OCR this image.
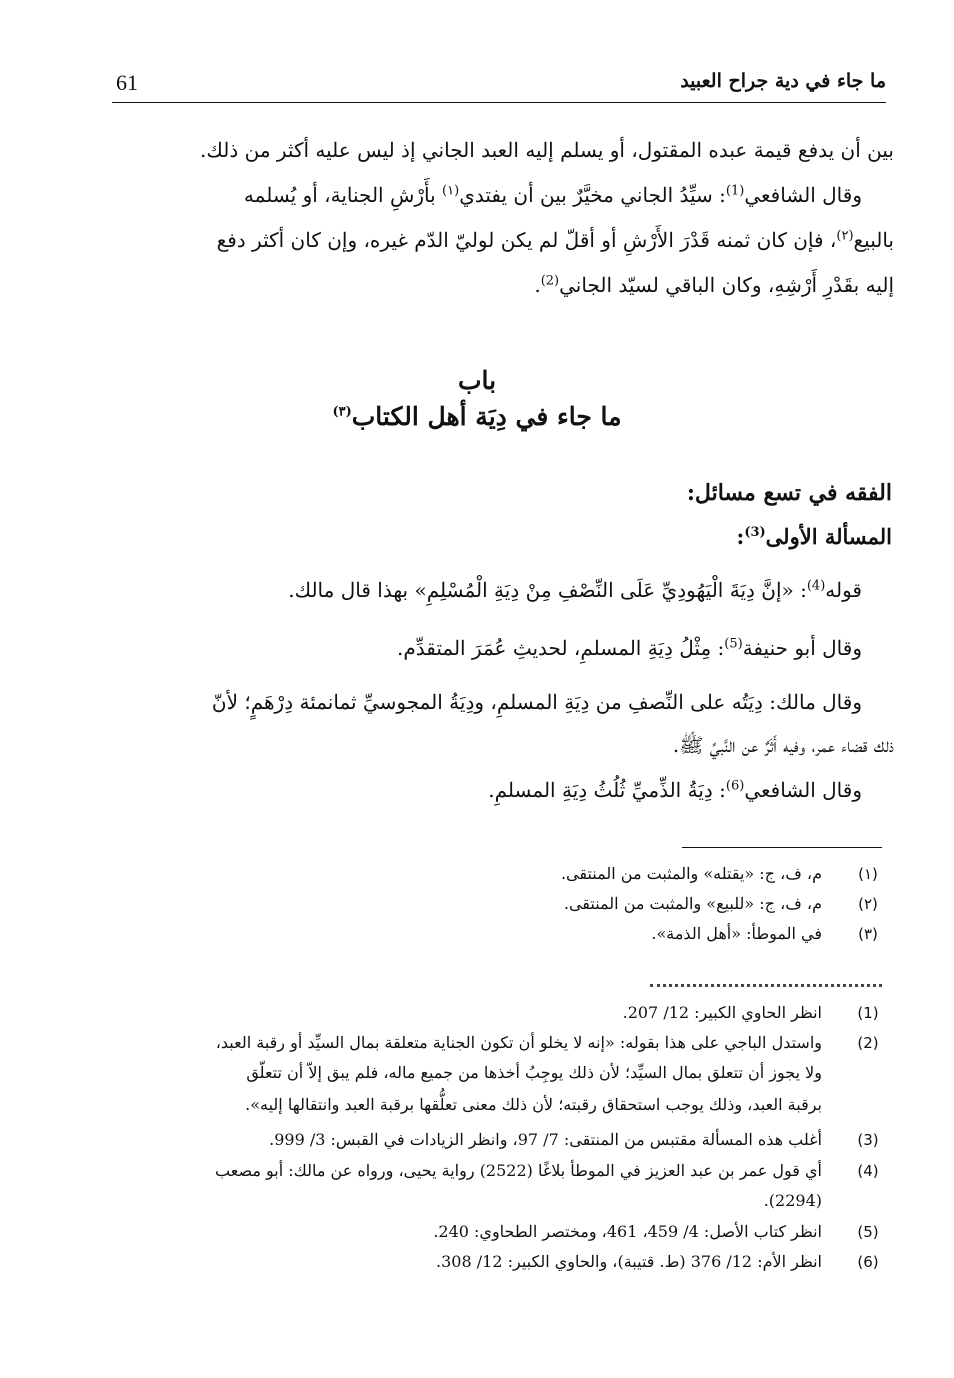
61	ما جاء في دية جراح العبيد
بين أن يدفع قيمة عبده المقتول، أو يسلم إليه العبد الجاني إذ ليس عليه أكثر من ذلك.
وقال الشافعي$^{(1)}$: سيِّدُ الجاني مخيَّرٌ بين أن يفتدي$^{(١)}$ بأَرْشِ الجناية، أو يُسلمه
بالبيع$^{(٢)}$، فإن كان ثمنه قَدْرَ الأَرْشِ أو أقلّ لم يكن لوليّ الدّم غيره، وإن كان أكثر دفع
إليه بقَدْرِ أَرْشِهِ، وكان الباقي لسيّد الجاني$^{(2)}$.
باب
ما جاء في دِيَة أهل الكتاب$^{(٣)}$
الفقه في تسع مسائل:
المسألة الأولى$^{(3)}$:
قوله$^{(4)}$: «إنَّ دِيَةَ الْيَهُودِيِّ عَلَى النِّصْفِ مِنْ دِيَةِ الْمُسْلِمِ» بهذا قال مالك.
وقال أبو حنيفة$^{(5)}$: مِثْلُ دِيَةِ المسلمِ، لحديثِ عُمَرَ المتقدِّم.
وقال مالك: دِيَتُه على النِّصفِ من دِيَةِ المسلمِ، ودِيَةُ المجوسيِّ ثمانمئة دِرْهَمٍ؛ لأنّ
ذلك قضاء عمر، وفيه أَثَرٌ عن النَّبيِّ ﷺ.
وقال الشافعي$^{(6)}$: دِيَةُ الذِّميِّ ثُلُثُ دِيَةِ المسلمِ.
(١)
م، ف، ج: «يقتله» والمثبت من المنتقى.
(٢)
م، ف، ج: «للبيع» والمثبت من المنتقى.
(٣)
في الموطأ: «أهل الذمة».
(1)
انظر الحاوي الكبير: 12/ 207.
(2)
واستدل الباجي على هذا بقوله: «إنه لا يخلو أن تكون الجناية متعلقة بمال السيِّد أو رقبة العبد،
ولا يجوز أن تتعلق بمال السيِّد؛ لأن ذلك يوجِبُ أخذها من جميع ماله، فلم يبق إلاّ أن تتعلّق
برقبة العبد، وذلك يوجب استحقاق رقبته؛ لأن ذلك معنى تعلُّقها برقبة العبد وانتقالها إليه».
(3)
أغلب هذه المسألة مقتبس من المنتقى: 7/ 97، وانظر الزيادات في القبس: 3/ 999.
(4)
أي قول عمر بن عبد العزيز في الموطأ بلاغًا (2522) رواية يحيى، ورواه عن مالك: أبو مصعب
(2294).
(5)
انظر كتاب الأصل: 4/ 459، 461، ومختصر الطحاوي: 240.
(6)
انظر الأم: 12/ 376 (ط. قتيبة)، والحاوي الكبير: 12/ 308.
